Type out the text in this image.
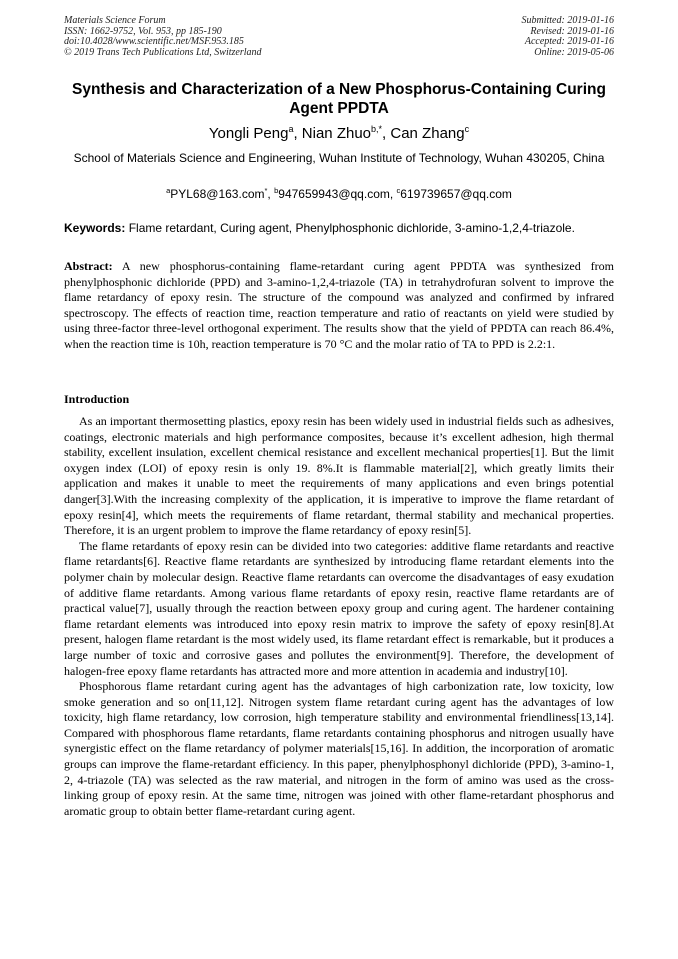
Materials Science Forum
ISSN: 1662-9752, Vol. 953, pp 185-190
doi:10.4028/www.scientific.net/MSF.953.185
© 2019 Trans Tech Publications Ltd, Switzerland
Submitted: 2019-01-16
Revised: 2019-01-16
Accepted: 2019-01-16
Online: 2019-05-06
Synthesis and Characterization of a New Phosphorus-Containing Curing Agent PPDTA
Yongli Peng$^a$, Nian Zhuo$^{b,*}$, Can Zhang$^c$
School of Materials Science and Engineering, Wuhan Institute of Technology, Wuhan 430205, China
$^a$PYL68@163.com*, $^b$947659943@qq.com, $^c$619739657@qq.com
Keywords: Flame retardant, Curing agent, Phenylphosphonic dichloride, 3-amino-1,2,4-triazole.
Abstract: A new phosphorus-containing flame-retardant curing agent PPDTA was synthesized from phenylphosphonic dichloride (PPD) and 3-amino-1,2,4-triazole (TA) in tetrahydrofuran solvent to improve the flame retardancy of epoxy resin. The structure of the compound was analyzed and confirmed by infrared spectroscopy. The effects of reaction time, reaction temperature and ratio of reactants on yield were studied by using three-factor three-level orthogonal experiment. The results show that the yield of PPDTA can reach 86.4%, when the reaction time is 10h, reaction temperature is 70 °C and the molar ratio of TA to PPD is 2.2:1.
Introduction

As an important thermosetting plastics, epoxy resin has been widely used in industrial fields such as adhesives, coatings, electronic materials and high performance composites, because it’s excellent adhesion, high thermal stability, excellent insulation, excellent chemical resistance and excellent mechanical properties[1]. But the limit oxygen index (LOI) of epoxy resin is only 19. 8%.It is flammable material[2], which greatly limits their application and makes it unable to meet the requirements of many applications and even brings potential danger[3].With the increasing complexity of the application, it is imperative to improve the flame retardant of epoxy resin[4], which meets the requirements of flame retardant, thermal stability and mechanical properties. Therefore, it is an urgent problem to improve the flame retardancy of epoxy resin[5].

The flame retardants of epoxy resin can be divided into two categories: additive flame retardants and reactive flame retardants[6]. Reactive flame retardants are synthesized by introducing flame retardant elements into the polymer chain by molecular design. Reactive flame retardants can overcome the disadvantages of easy exudation of additive flame retardants. Among various flame retardants of epoxy resin, reactive flame retardants are of practical value[7], usually through the reaction between epoxy group and curing agent. The hardener containing flame retardant elements was introduced into epoxy resin matrix to improve the safety of epoxy resin[8].At present, halogen flame retardant is the most widely used, its flame retardant effect is remarkable, but it produces a large number of toxic and corrosive gases and pollutes the environment[9]. Therefore, the development of halogen-free epoxy flame retardants has attracted more and more attention in academia and industry[10].

Phosphorous flame retardant curing agent has the advantages of high carbonization rate, low toxicity, low smoke generation and so on[11,12]. Nitrogen system flame retardant curing agent has the advantages of low toxicity, high flame retardancy, low corrosion, high temperature stability and environmental friendliness[13,14]. Compared with phosphorous flame retardants, flame retardants containing phosphorus and nitrogen usually have synergistic effect on the flame retardancy of polymer materials[15,16]. In addition, the incorporation of aromatic groups can improve the flame-retardant efficiency. In this paper, phenylphosphonyl dichloride (PPD), 3-amino-1, 2, 4-triazole (TA) was selected as the raw material, and nitrogen in the form of amino was used as the cross-linking group of epoxy resin. At the same time, nitrogen was joined with other flame-retardant phosphorus and aromatic group to obtain better flame-retardant curing agent.
